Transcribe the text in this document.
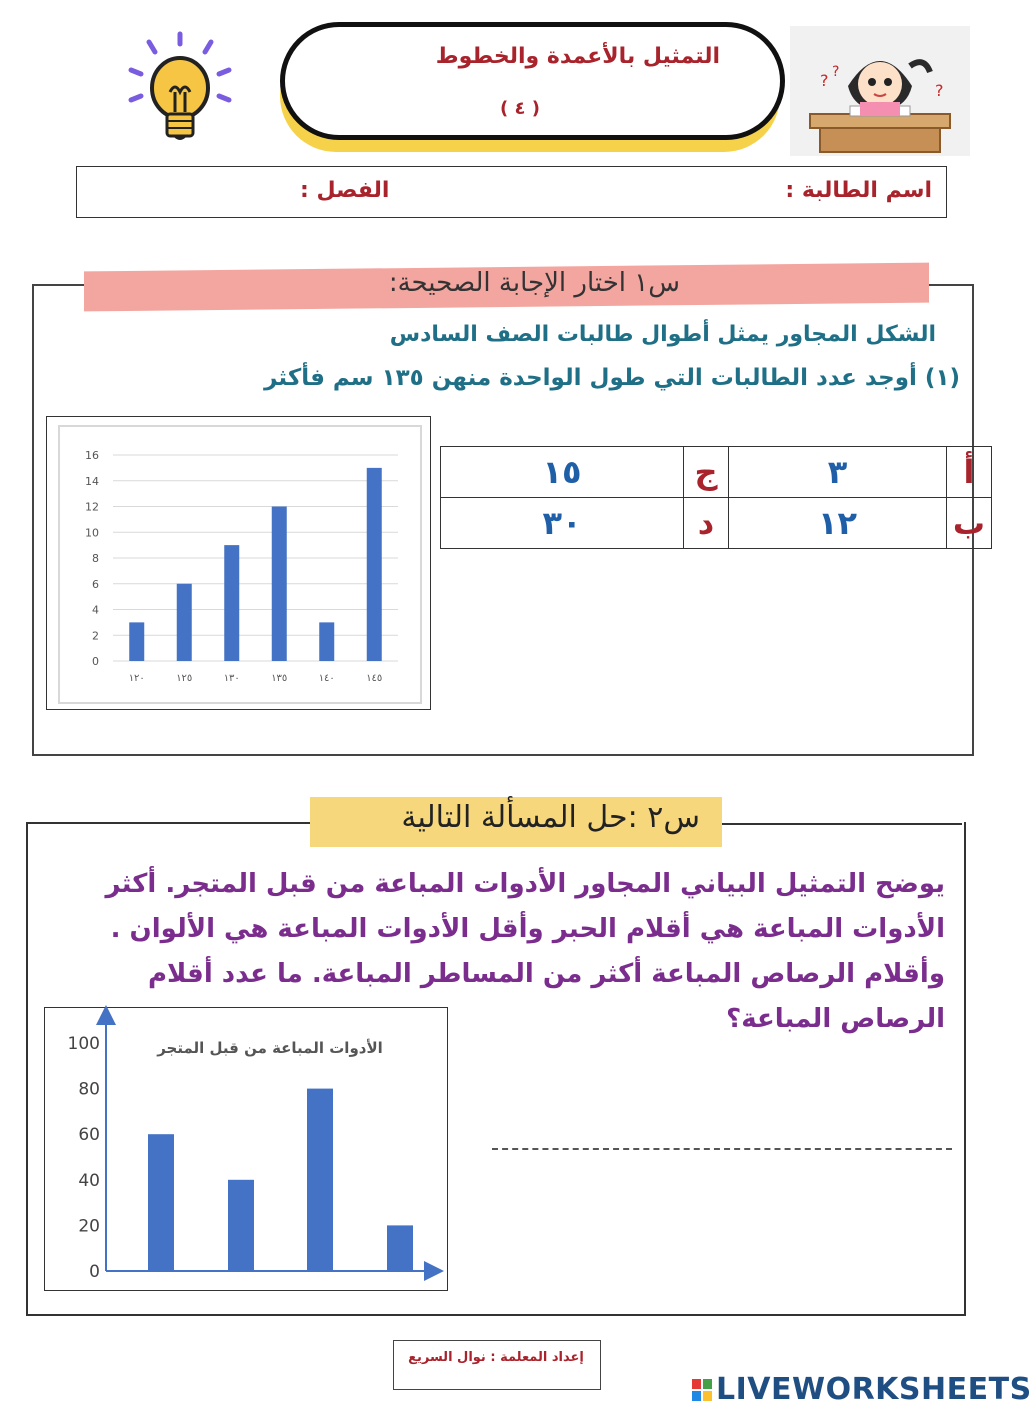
التمثيل بالأعمدة والخطوط
( ٤ )
? ?
?
اسم الطالبة :
الفصل :
س١ اختار الإجابة الصحيحة:
الشكل المجاور يمثل أطوال طالبات الصف السادس
(١) أوجد عدد الطالبات التي طول الواحدة منهن ١٣٥ سم فأكثر
0
2
4
6
8
10
12
14
16
١٢٠	١٢٥	١٣٠	١٣٥	١٤٠	١٤٥
١٥	ج	٣	أ
٣٠	د	١٢	ب
س٢ :حل المسألة التالية
يوضح التمثيل البياني المجاور الأدوات المباعة من قبل المتجر. أكثر الأدوات المباعة هي أقلام الحبر وأقل الأدوات المباعة هي الألوان . وأقلام الرصاص المباعة أكثر من المساطر المباعة. ما عدد أقلام الرصاص المباعة؟
0
20
40
60
80
100	الأدوات المباعة من قبل المتجر
إعداد المعلمة : نوال السريع
LIVEWORKSHEETS
